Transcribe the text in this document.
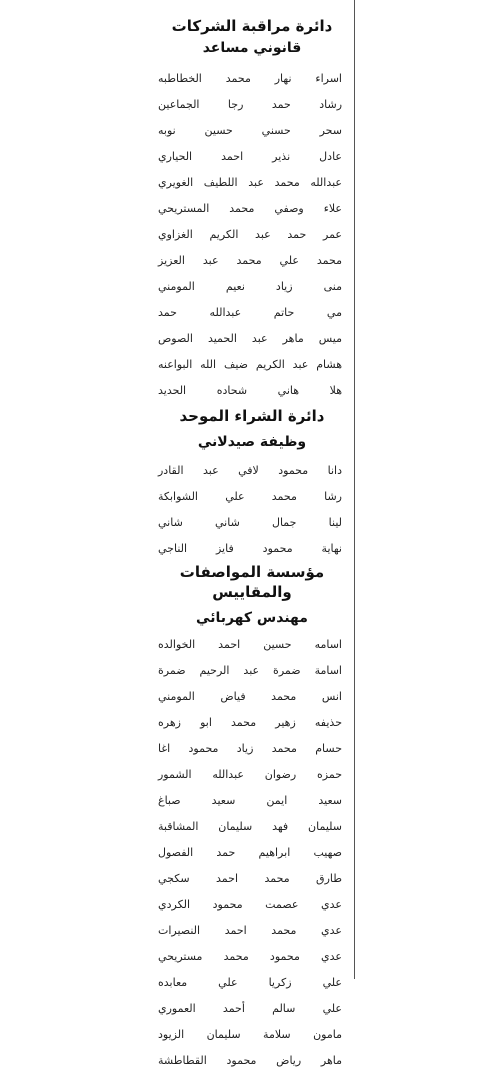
دائرة مراقبة الشركات

قانوني مساعد

اسراء نهار محمد الخطاطبه
رشاد حمد رجا الجماعين
سحر حسني حسين نوبه
عادل نذير احمد الحياري
عبدالله محمد عبد اللطيف الغويري
علاء وصفي محمد المستريحي
عمر حمد عبد الكريم الغزاوي
محمد علي محمد عبد العزيز
منى زياد نعيم المومني
مي حاتم عبدالله حمد
ميس ماهر عبد الحميد الصوص
هشام عبد الكريم ضيف الله البواعنه
هلا هاني شحاده الحديد

دائرة الشراء الموحد

وظيفة صيدلاني

دانا محمود لافي عبد القادر
رشا محمد علي الشوابكة
لينا جمال شاني شاني
نهاية محمود فايز الناجي

مؤسسة المواصفات والمقاييس

مهندس كهربائي

اسامه حسين احمد الخوالده
اسامة ضمرة عبد الرحيم ضمرة
انس محمد فياض المومني
حذيفه زهير محمد ابو زهره
حسام محمد زياد محمود اغا
حمزه رضوان عبدالله الشمور
سعيد ايمن سعيد صباغ
سليمان فهد سليمان المشاقبة
صهيب ابراهيم حمد الفصول
طارق محمد احمد سكجي
عدي عصمت محمود الكردي
عدي محمد احمد النصيرات
عدي محمود محمد مستريحي
علي زكريا علي معابده
علي سالم أحمد العموري
مامون سلامة سليمان الزيود
ماهر رياض محمود القطاطشة
